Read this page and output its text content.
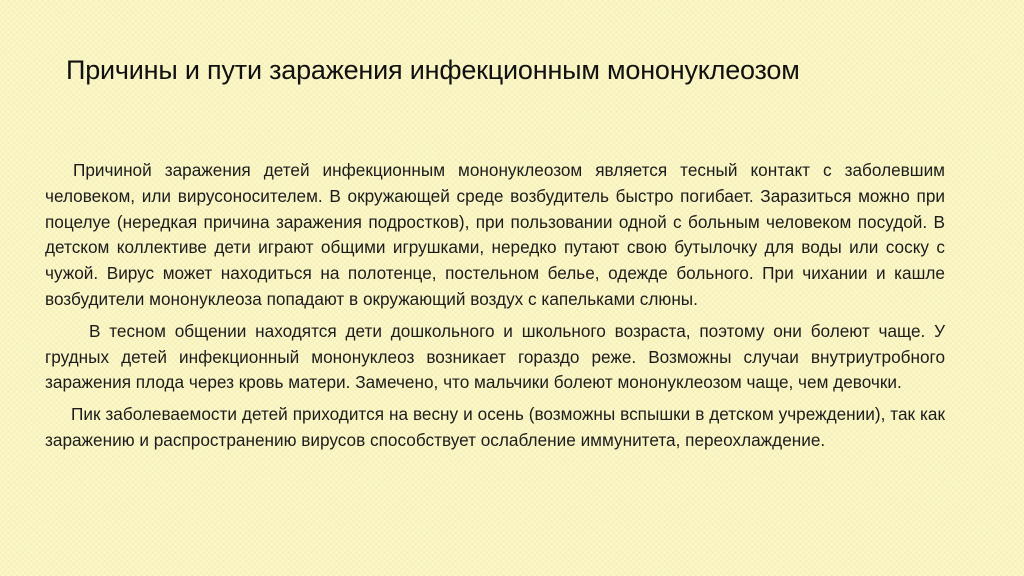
Причины и пути заражения инфекционным мононуклеозом

Причиной заражения детей инфекционным мононуклеозом является тесный контакт с заболевшим человеком, или вирусоносителем. В окружающей среде возбудитель быстро погибает. Заразиться можно при поцелуе (нередкая причина заражения подростков), при пользовании одной с больным человеком посудой. В детском коллективе дети играют общими игрушками, нередко путают свою бутылочку для воды или соску с чужой. Вирус может находиться на полотенце, постельном белье, одежде больного. При чихании и кашле возбудители мононуклеоза попадают в окружающий воздух с капельками слюны.

В тесном общении находятся дети дошкольного и школьного возраста, поэтому они болеют чаще. У грудных детей инфекционный мононуклеоз возникает гораздо реже. Возможны случаи внутриутробного заражения плода через кровь матери. Замечено, что мальчики болеют мононуклеозом чаще, чем девочки.

Пик заболеваемости детей приходится на весну и осень (возможны вспышки в детском учреждении), так как заражению и распространению вирусов способствует ослабление иммунитета, переохлаждение.
